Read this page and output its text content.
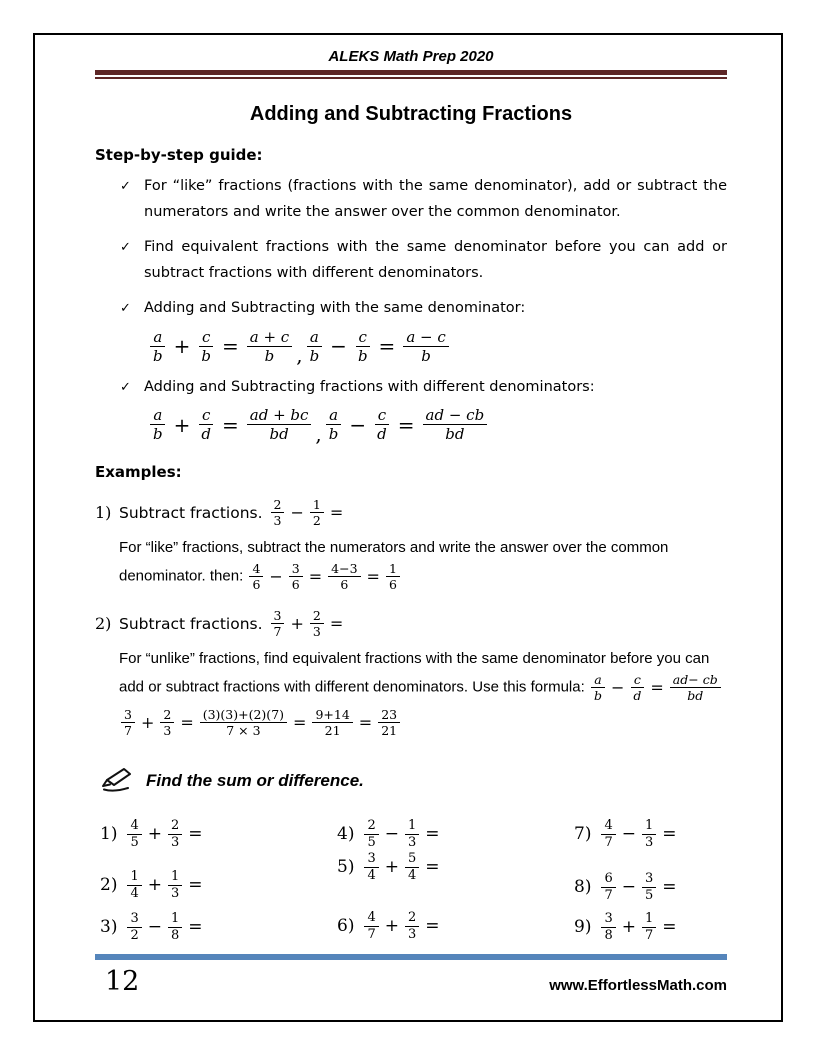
ALEKS Math Prep 2020
Adding and Subtracting Fractions
Step-by-step guide:
✓ For “like” fractions (fractions with the same denominator), add or subtract the numerators and write the answer over the common denominator.
✓ Find equivalent fractions with the same denominator before you can add or subtract fractions with different denominators.
✓ Adding and Subtracting with the same denominator:
$\frac{a}{b} + \frac{c}{b} = \frac{a + c}{b}$ , $\frac{a}{b} - \frac{c}{b} = \frac{a - c}{b}$
✓ Adding and Subtracting fractions with different denominators:
$\frac{a}{b} + \frac{c}{d} = \frac{ad + bc}{bd}$ , $\frac{a}{b} - \frac{c}{d} = \frac{ad - cb}{bd}$
Examples:
1) Subtract fractions. $\frac{2}{3} - \frac{1}{2}$ =
For “like” fractions, subtract the numerators and write the answer over the common denominator. then: $\frac{4}{6} - \frac{3}{6} = \frac{4-3}{6} = \frac{1}{6}$
2) Subtract fractions. $\frac{3}{7} + \frac{2}{3}$ =
For “unlike” fractions, find equivalent fractions with the same denominator before you can add or subtract fractions with different denominators. Use this formula: $\frac{a}{b} - \frac{c}{d} = \frac{ad- cb}{bd}$
$\frac{3}{7} + \frac{2}{3} = \frac{(3)(3)+(2)(7)}{7 \times 3} = \frac{9+14}{21} = \frac{23}{21}$
Find the sum or difference.
$1) \frac{4}{5} + \frac{2}{3}$ =
$2) \frac{1}{4} + \frac{1}{3}$ =
$3) \frac{3}{2} - \frac{1}{8}$ =
$4) \frac{2}{5} - \frac{1}{3}$ =
$5) \frac{3}{4} + \frac{5}{4}$ =
$6) \frac{4}{7} + \frac{2}{3}$ =
$7) \frac{4}{7} - \frac{1}{3}$ =
$8) \frac{6}{7} - \frac{3}{5}$ =
$9) \frac{3}{8} + \frac{1}{7}$ =
12	www.EffortlessMath.com
